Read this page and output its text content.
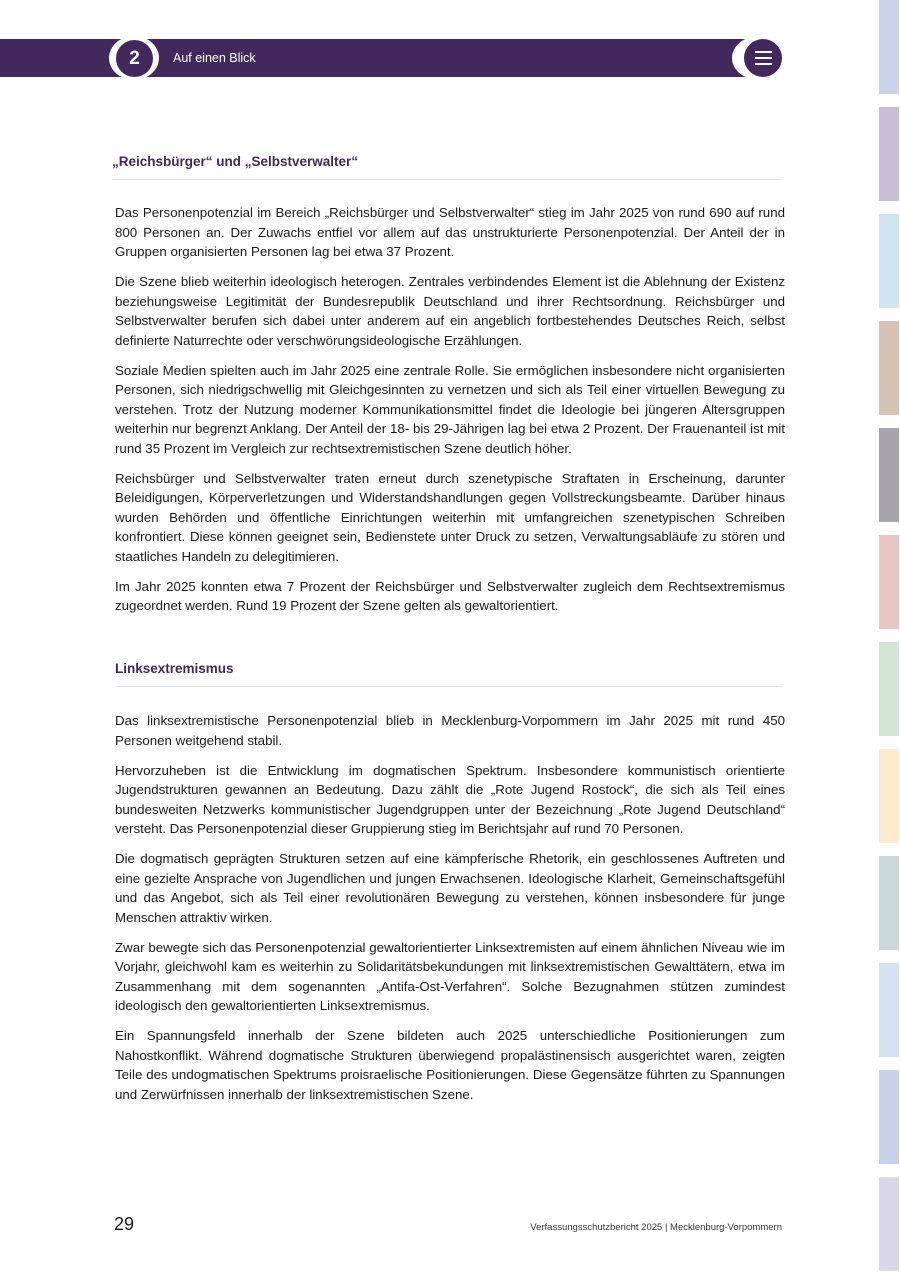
2	Auf einen Blick
„Reichsbürger“ und „Selbstverwalter“

Das Personenpotenzial im Bereich „Reichsbürger und Selbstverwalter“ stieg im Jahr 2025 von rund 690 auf rund 800 Personen an. Der Zuwachs entfiel vor allem auf das unstrukturierte Personenpotenzial. Der Anteil der in Gruppen organisierten Personen lag bei etwa 37 Prozent.

Die Szene blieb weiterhin ideologisch heterogen. Zentrales verbindendes Element ist die Ablehnung der Existenz beziehungsweise Legitimität der Bundesrepublik Deutschland und ihrer Rechtsordnung. Reichsbürger und Selbstverwalter berufen sich dabei unter anderem auf ein angeblich fortbestehendes Deutsches Reich, selbst definierte Naturrechte oder verschwörungsideologische Erzählungen.

Soziale Medien spielten auch im Jahr 2025 eine zentrale Rolle. Sie ermöglichen insbesondere nicht organisierten Personen, sich niedrigschwellig mit Gleichgesinnten zu vernetzen und sich als Teil einer virtuellen Bewegung zu verstehen. Trotz der Nutzung moderner Kommunikationsmittel findet die Ideologie bei jüngeren Altersgruppen weiterhin nur begrenzt Anklang. Der Anteil der 18- bis 29-Jährigen lag bei etwa 2 Prozent. Der Frauenanteil ist mit rund 35 Prozent im Vergleich zur rechtsextremistischen Szene deutlich höher.

Reichsbürger und Selbstverwalter traten erneut durch szenetypische Straftaten in Erscheinung, darunter Beleidigungen, Körperverletzungen und Widerstandshandlungen gegen Vollstreckungsbeamte. Darüber hinaus wurden Behörden und öffentliche Einrichtungen weiterhin mit umfangreichen szenetypischen Schreiben konfrontiert. Diese können geeignet sein, Bedienstete unter Druck zu setzen, Verwaltungsabläufe zu stören und staatliches Handeln zu delegitimieren.

Im Jahr 2025 konnten etwa 7 Prozent der Reichsbürger und Selbstverwalter zugleich dem Rechtsextremismus zugeordnet werden. Rund 19 Prozent der Szene gelten als gewaltorientiert.

Linksextremismus

Das linksextremistische Personenpotenzial blieb in Mecklenburg-Vorpommern im Jahr 2025 mit rund 450 Personen weitgehend stabil.

Hervorzuheben ist die Entwicklung im dogmatischen Spektrum. Insbesondere kommunistisch orientierte Jugendstrukturen gewannen an Bedeutung. Dazu zählt die „Rote Jugend Rostock“, die sich als Teil eines bundesweiten Netzwerks kommunistischer Jugendgruppen unter der Bezeichnung „Rote Jugend Deutschland“ versteht. Das Personenpotenzial dieser Gruppierung stieg im Berichtsjahr auf rund 70 Personen.

Die dogmatisch geprägten Strukturen setzen auf eine kämpferische Rhetorik, ein geschlossenes Auftreten und eine gezielte Ansprache von Jugendlichen und jungen Erwachsenen. Ideologische Klarheit, Gemeinschaftsgefühl und das Angebot, sich als Teil einer revolutionären Bewegung zu verstehen, können insbesondere für junge Menschen attraktiv wirken.

Zwar bewegte sich das Personenpotenzial gewaltorientierter Linksextremisten auf einem ähnlichen Niveau wie im Vorjahr, gleichwohl kam es weiterhin zu Solidaritätsbekundungen mit linksextremistischen Gewalttätern, etwa im Zusammenhang mit dem sogenannten „Antifa-Ost-Verfahren“. Solche Bezugnahmen stützen zumindest ideologisch den gewaltorientierten Linksextremismus.

Ein Spannungsfeld innerhalb der Szene bildeten auch 2025 unterschiedliche Positionierungen zum Nahostkonflikt. Während dogmatische Strukturen überwiegend propalästinensisch ausgerichtet waren, zeigten Teile des undogmatischen Spektrums proisraelische Positionierungen. Diese Gegensätze führten zu Spannungen und Zerwürfnissen innerhalb der linksextremistischen Szene.

29	Verfassungsschutzbericht 2025 | Mecklenburg-Vorpommern
